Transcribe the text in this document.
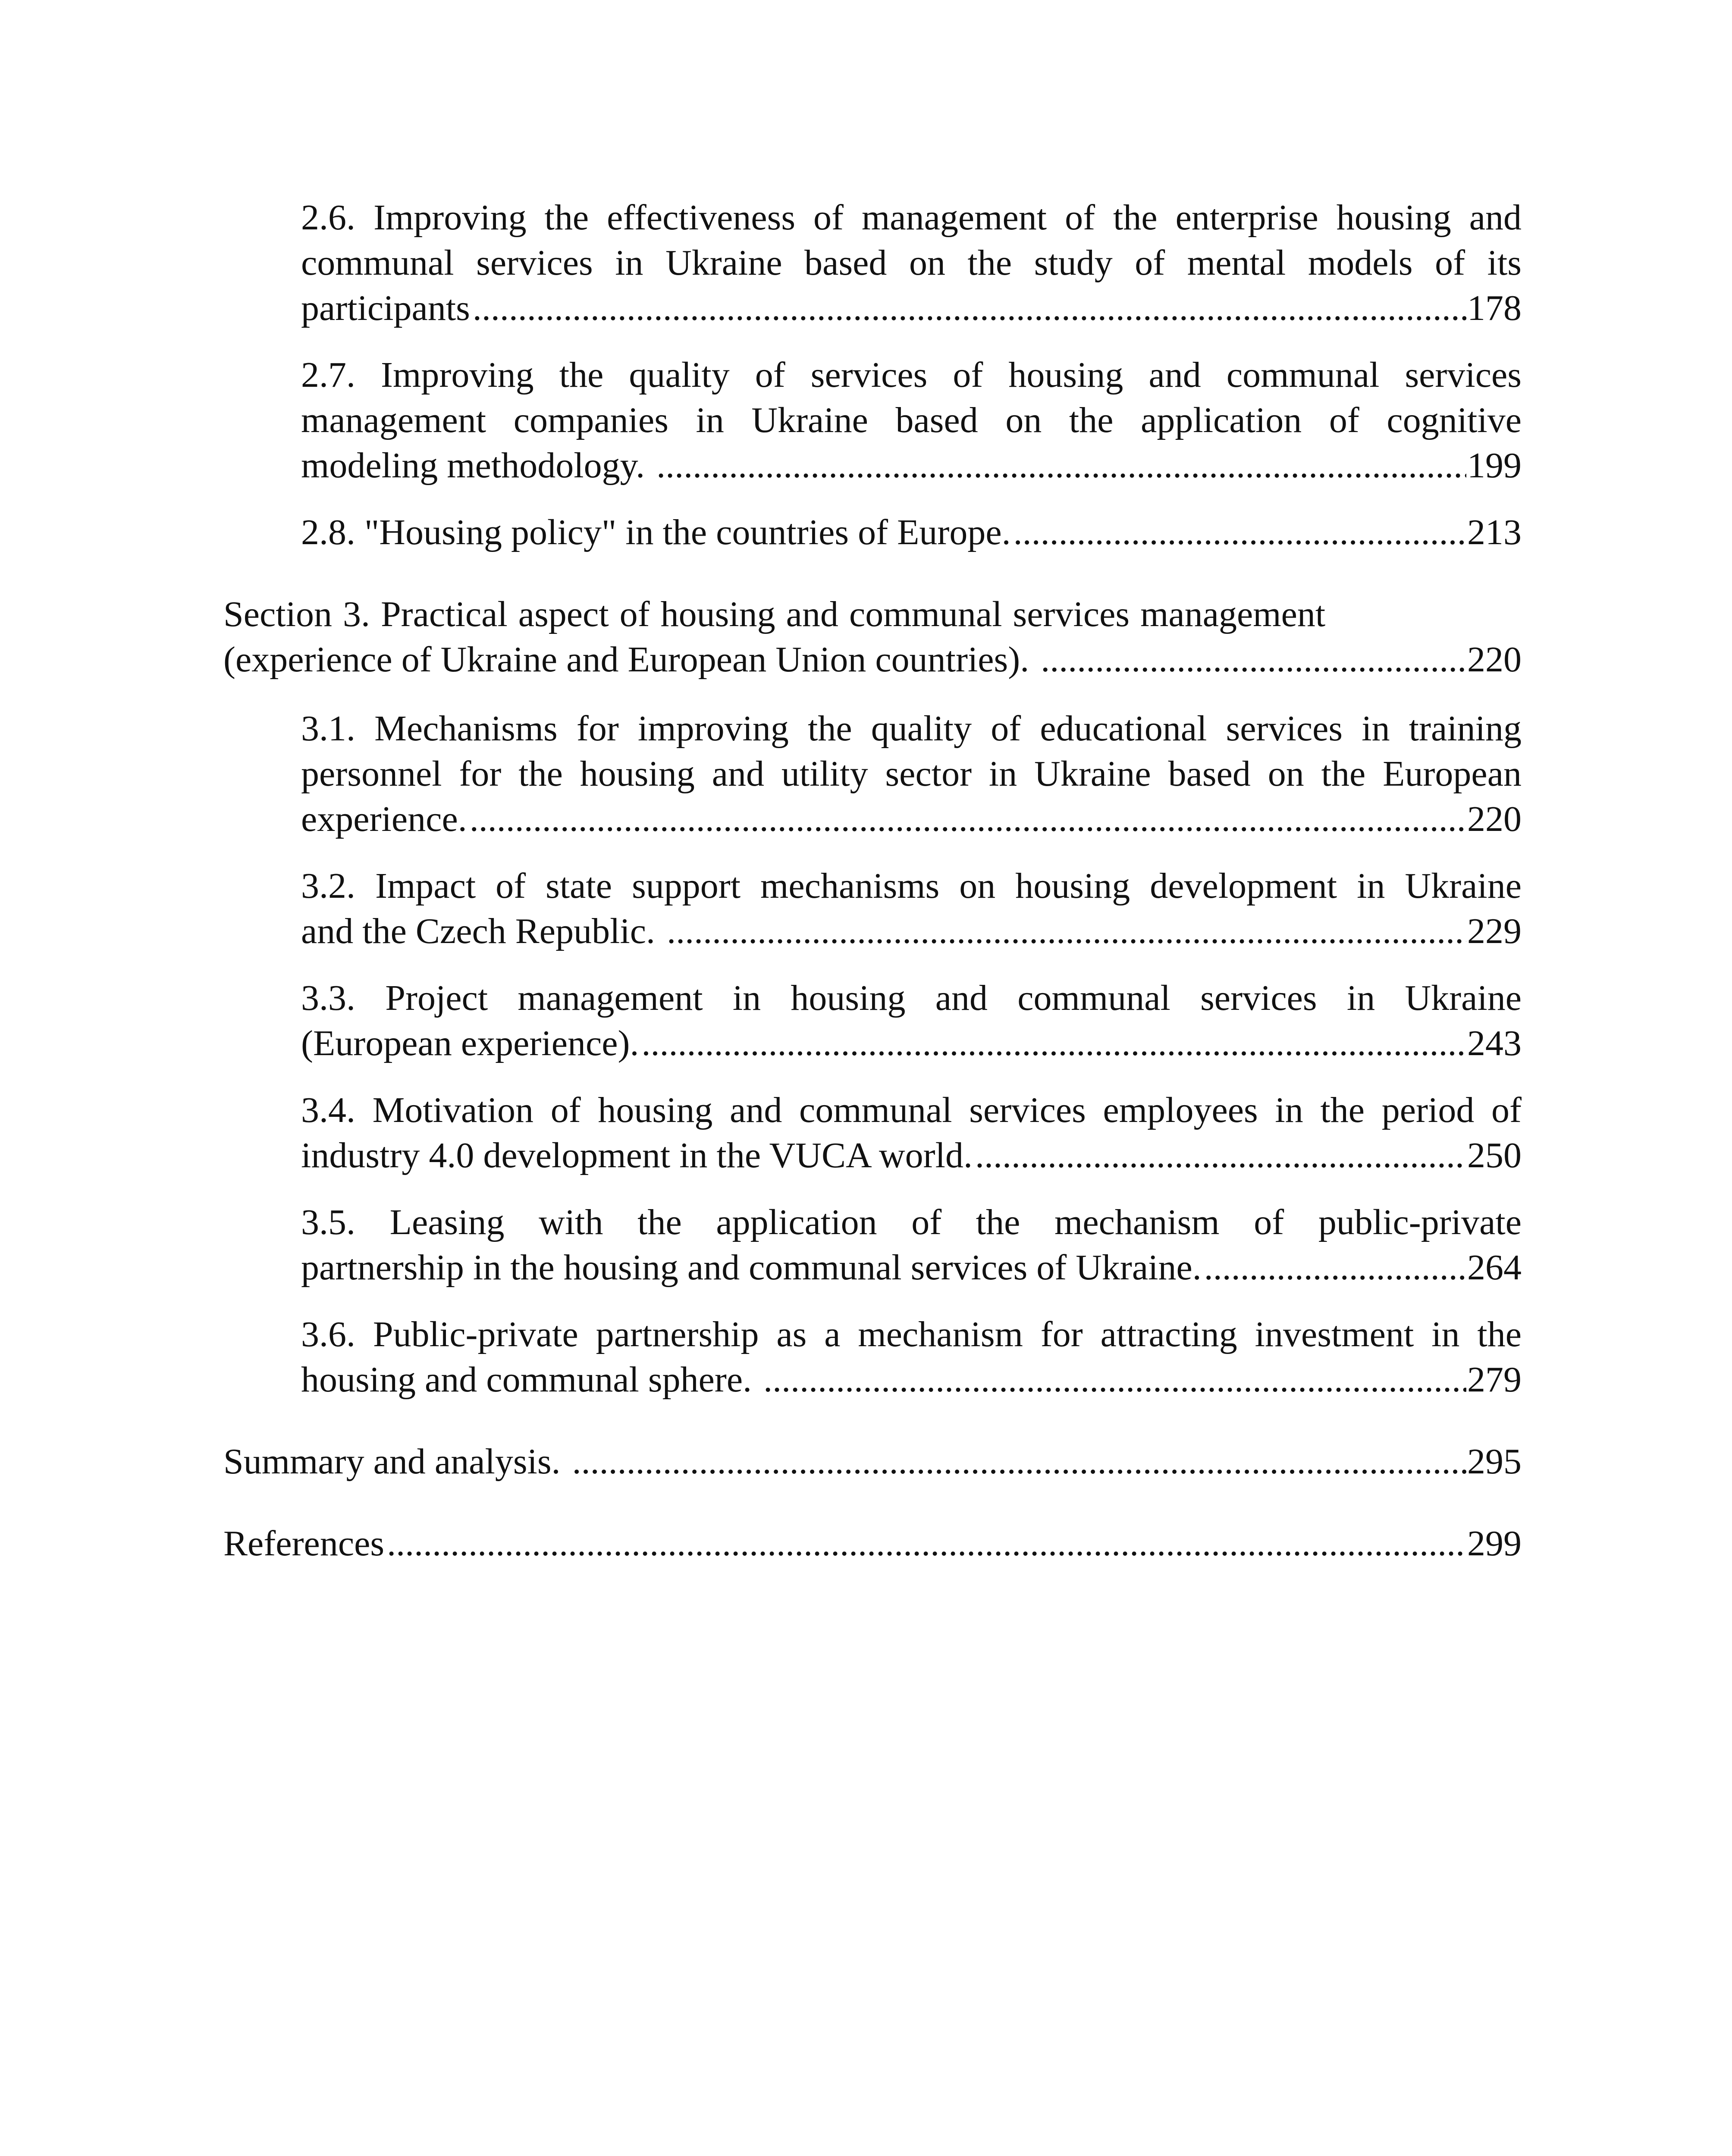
2.6. Improving the effectiveness of management of the enterprise housing and
communal services in Ukraine based on the study of mental models of its
participants .....	178
2.7. Improving the quality of services of housing and communal services
management companies in Ukraine based on the application of cognitive
modeling methodology. .....	199
2.8. "Housing policy" in the countries of Europe. .....	213
Section 3. Practical aspect of housing and communal services management
(experience of Ukraine and European Union countries). .....	220
3.1. Mechanisms for improving the quality of educational services in training
personnel for the housing and utility sector in Ukraine based on the European
experience. .....	220
3.2. Impact of state support mechanisms on housing development in Ukraine
and the Czech Republic. .....	229
3.3. Project management in housing and communal services in Ukraine
(European experience). .....	243
3.4. Motivation of housing and communal services employees in the period of
industry 4.0 development in the VUCA world. .....	250
3.5. Leasing with the application of the mechanism of public-private
partnership in the housing and communal services of Ukraine. .....	264
3.6. Public-private partnership as a mechanism for attracting investment in the
housing and communal sphere. .....	279
Summary and analysis. .....	295
References .....	299
